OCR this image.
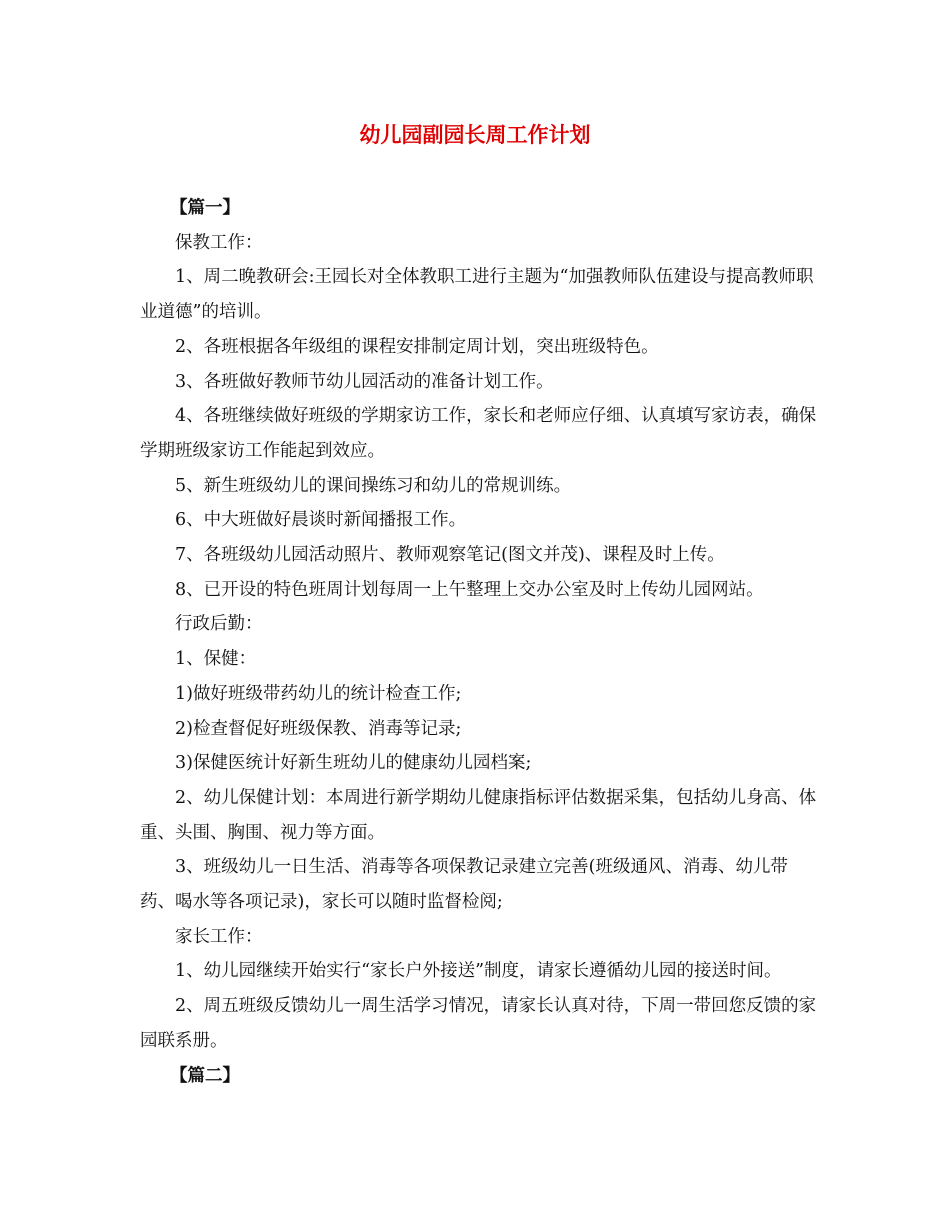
幼儿园副园长周工作计划

【篇一】

保教工作：

1、周二晚教研会:王园长对全体教职工进行主题为“加强教师队伍建设与提高教师职业道德”的培训。

2、各班根据各年级组的课程安排制定周计划，突出班级特色。

3、各班做好教师节幼儿园活动的准备计划工作。

4、各班继续做好班级的学期家访工作，家长和老师应仔细、认真填写家访表，确保学期班级家访工作能起到效应。

5、新生班级幼儿的课间操练习和幼儿的常规训练。

6、中大班做好晨谈时新闻播报工作。

7、各班级幼儿园活动照片、教师观察笔记(图文并茂)、课程及时上传。

8、已开设的特色班周计划每周一上午整理上交办公室及时上传幼儿园网站。

行政后勤：

1、保健：

1)做好班级带药幼儿的统计检查工作;

2)检查督促好班级保教、消毒等记录;

3)保健医统计好新生班幼儿的健康幼儿园档案;

2、幼儿保健计划：本周进行新学期幼儿健康指标评估数据采集，包括幼儿身高、体重、头围、胸围、视力等方面。

3、班级幼儿一日生活、消毒等各项保教记录建立完善(班级通风、消毒、幼儿带药、喝水等各项记录)，家长可以随时监督检阅;

家长工作：

1、幼儿园继续开始实行“家长户外接送”制度，请家长遵循幼儿园的接送时间。

2、周五班级反馈幼儿一周生活学习情况，请家长认真对待，下周一带回您反馈的家园联系册。

【篇二】
